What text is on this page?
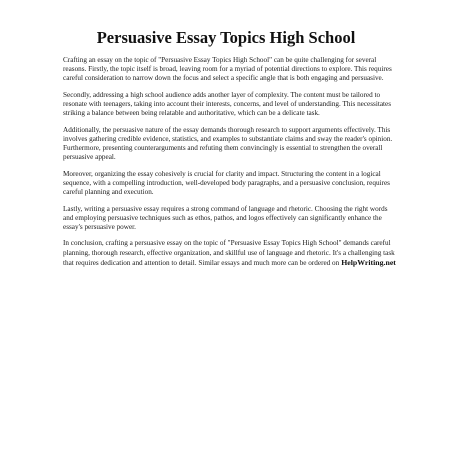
Persuasive Essay Topics High School

Crafting an essay on the topic of "Persuasive Essay Topics High School" can be quite challenging for several reasons. Firstly, the topic itself is broad, leaving room for a myriad of potential directions to explore. This requires careful consideration to narrow down the focus and select a specific angle that is both engaging and persuasive.

Secondly, addressing a high school audience adds another layer of complexity. The content must be tailored to resonate with teenagers, taking into account their interests, concerns, and level of understanding. This necessitates striking a balance between being relatable and authoritative, which can be a delicate task.

Additionally, the persuasive nature of the essay demands thorough research to support arguments effectively. This involves gathering credible evidence, statistics, and examples to substantiate claims and sway the reader's opinion. Furthermore, presenting counterarguments and refuting them convincingly is essential to strengthen the overall persuasive appeal.

Moreover, organizing the essay cohesively is crucial for clarity and impact. Structuring the content in a logical sequence, with a compelling introduction, well-developed body paragraphs, and a persuasive conclusion, requires careful planning and execution.

Lastly, writing a persuasive essay requires a strong command of language and rhetoric. Choosing the right words and employing persuasive techniques such as ethos, pathos, and logos effectively can significantly enhance the essay's persuasive power.

In conclusion, crafting a persuasive essay on the topic of "Persuasive Essay Topics High School" demands careful planning, thorough research, effective organization, and skillful use of language and rhetoric. It's a challenging task that requires dedication and attention to detail. Similar essays and much more can be ordered on HelpWriting.net
